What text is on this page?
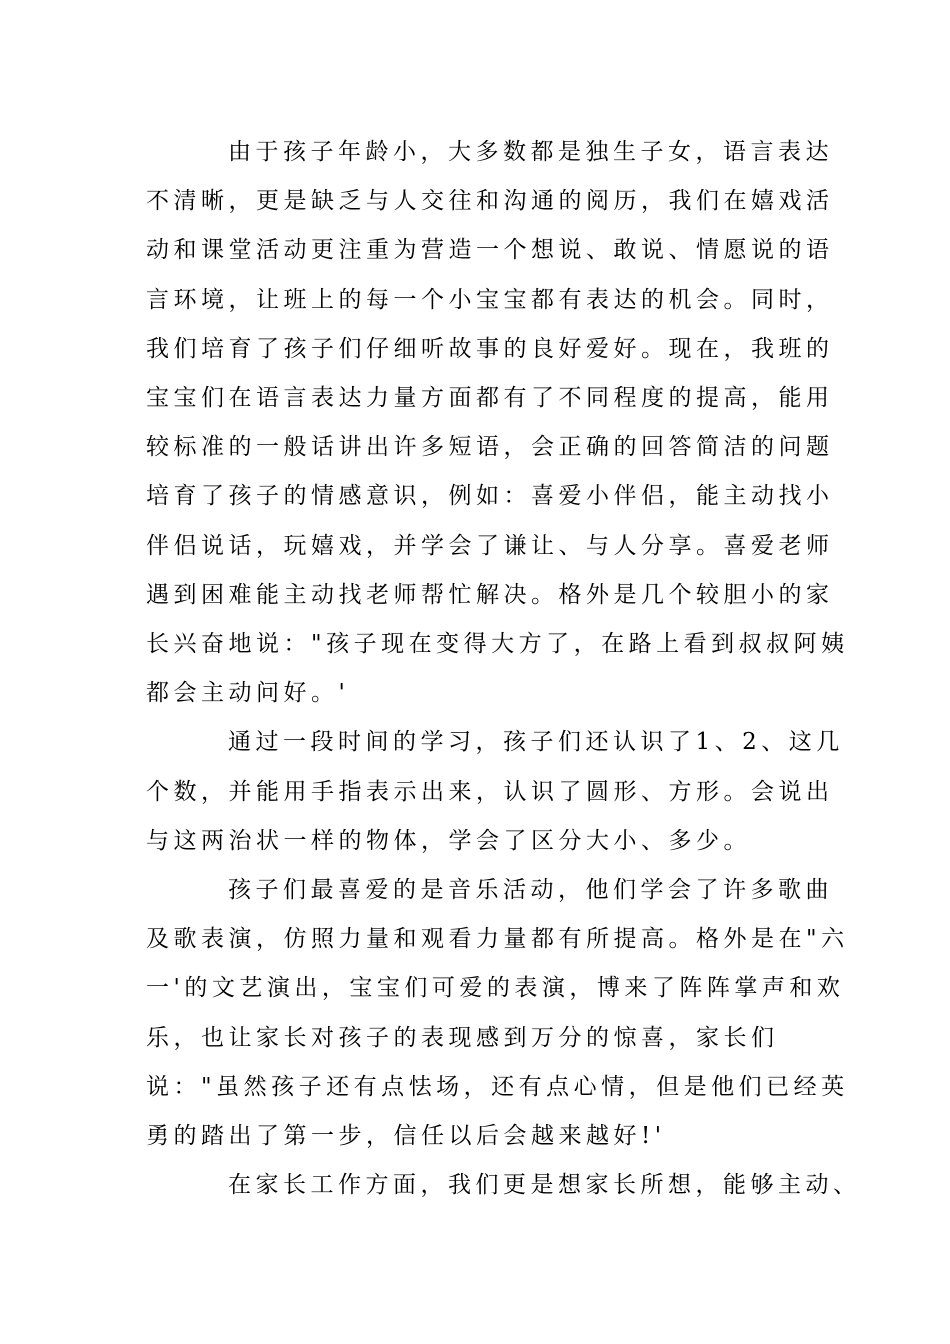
由于孩子年龄小，大多数都是独生子女，语言表达
不清晰，更是缺乏与人交往和沟通的阅历，我们在嬉戏活
动和课堂活动更注重为营造一个想说、敢说、情愿说的语
言环境，让班上的每一个小宝宝都有表达的机会。同时，
我们培育了孩子们仔细听故事的良好爱好。现在，我班的
宝宝们在语言表达力量方面都有了不同程度的提高，能用
较标准的一般话讲出许多短语，会正确的回答简洁的问题
培育了孩子的情感意识，例如：喜爱小伴侣，能主动找小
伴侣说话，玩嬉戏，并学会了谦让、与人分享。喜爱老师
遇到困难能主动找老师帮忙解决。格外是几个较胆小的家
长兴奋地说："孩子现在变得大方了，在路上看到叔叔阿姨
都会主动问好。'
通过一段时间的学习，孩子们还认识了1、2、这几
个数，并能用手指表示出来，认识了圆形、方形。会说出
与这两治状一样的物体，学会了区分大小、多少。
孩子们最喜爱的是音乐活动，他们学会了许多歌曲
及歌表演，仿照力量和观看力量都有所提高。格外是在"六
一'的文艺演出，宝宝们可爱的表演，博来了阵阵掌声和欢
乐，也让家长对孩子的表现感到万分的惊喜，家长们
说："虽然孩子还有点怯场，还有点心情，但是他们已经英
勇的踏出了第一步，信任以后会越来越好!'
在家长工作方面，我们更是想家长所想，能够主动、
